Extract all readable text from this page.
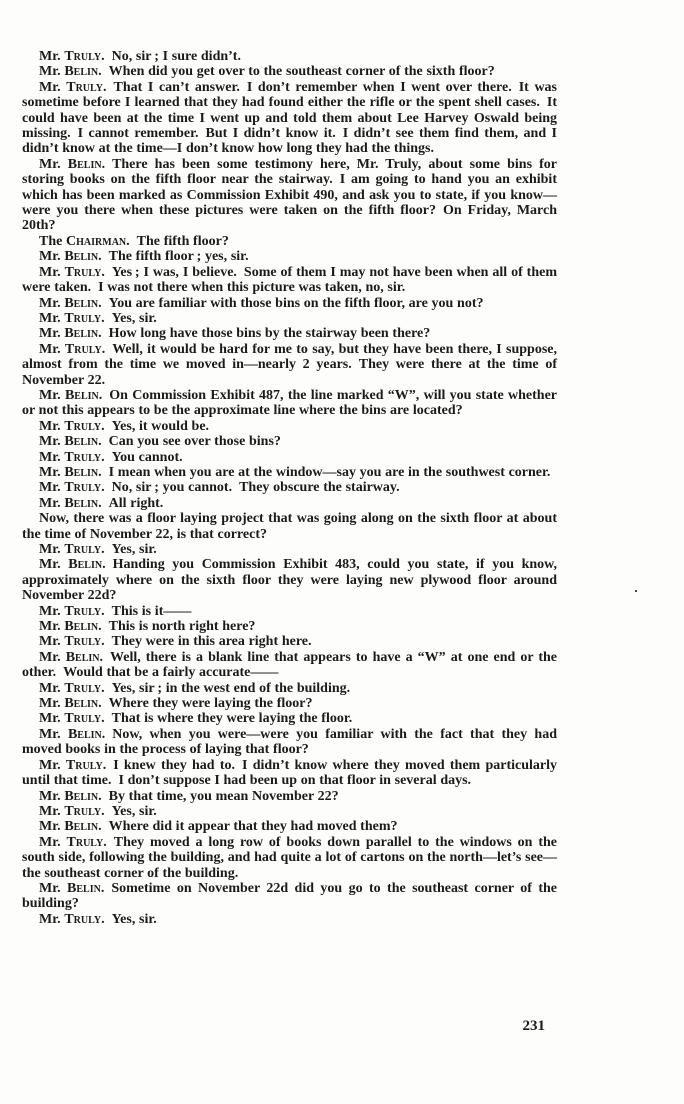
Mr. Truly.  No, sir ; I sure didn’t.

Mr. Belin.  When did you get over to the southeast corner of the sixth floor?

Mr. Truly.  That I can’t answer. I don’t remember when I went over there. It was sometime before I learned that they had found either the rifle or the spent shell cases. It could have been at the time I went up and told them about Lee Harvey Oswald being missing. I cannot remember. But I didn’t know it. I didn’t see them find them, and I didn’t know at the time—I don’t know how long they had the things.

Mr. Belin.  There has been some testimony here, Mr. Truly, about some bins for storing books on the fifth floor near the stairway. I am going to hand you an exhibit which has been marked as Commission Exhibit 490, and ask you to state, if you know—were you there when these pictures were taken on the fifth floor? On Friday, March 20th?

The Chairman.  The fifth floor?

Mr. Belin.  The fifth floor ; yes, sir.

Mr. Truly.  Yes ; I was, I believe. Some of them I may not have been when all of them were taken. I was not there when this picture was taken, no, sir.

Mr. Belin.  You are familiar with those bins on the fifth floor, are you not?

Mr. Truly.  Yes, sir.

Mr. Belin.  How long have those bins by the stairway been there?

Mr. Truly.  Well, it would be hard for me to say, but they have been there, I suppose, almost from the time we moved in—nearly 2 years. They were there at the time of November 22.

Mr. Belin.  On Commission Exhibit 487, the line marked “W”, will you state whether or not this appears to be the approximate line where the bins are located?

Mr. Truly.  Yes, it would be.

Mr. Belin.  Can you see over those bins?

Mr. Truly.  You cannot.

Mr. Belin.  I mean when you are at the window—say you are in the southwest corner.

Mr. Truly.  No, sir ; you cannot. They obscure the stairway.

Mr. Belin.  All right.

Now, there was a floor laying project that was going along on the sixth floor at about the time of November 22, is that correct?

Mr. Truly.  Yes, sir.

Mr. Belin.  Handing you Commission Exhibit 483, could you state, if you know, approximately where on the sixth floor they were laying new plywood floor around November 22d?

Mr. Truly.  This is it——

Mr. Belin.  This is north right here?

Mr. Truly.  They were in this area right here.

Mr. Belin.  Well, there is a blank line that appears to have a “W” at one end or the other. Would that be a fairly accurate——

Mr. Truly.  Yes, sir ; in the west end of the building.

Mr. Belin.  Where they were laying the floor?

Mr. Truly.  That is where they were laying the floor.

Mr. Belin.  Now, when you were—were you familiar with the fact that they had moved books in the process of laying that floor?

Mr. Truly.  I knew they had to. I didn’t know where they moved them particularly until that time. I don’t suppose I had been up on that floor in several days.

Mr. Belin.  By that time, you mean November 22?

Mr. Truly.  Yes, sir.

Mr. Belin.  Where did it appear that they had moved them?

Mr. Truly.  They moved a long row of books down parallel to the windows on the south side, following the building, and had quite a lot of cartons on the north—let’s see—the southeast corner of the building.

Mr. Belin.  Sometime on November 22d did you go to the southeast corner of the building?

Mr. Truly.  Yes, sir.

231
